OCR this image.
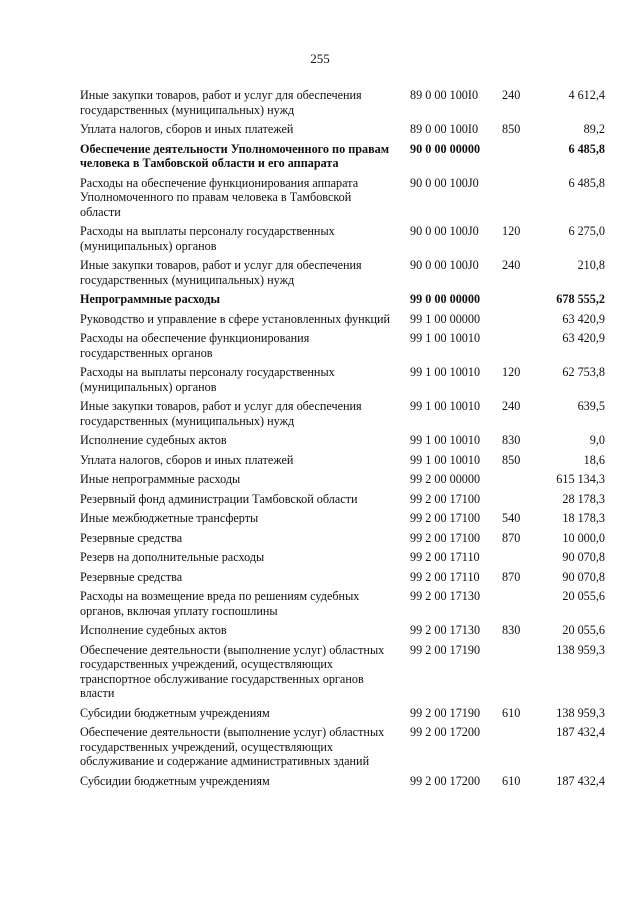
255
Иные закупки товаров, работ и услуг для обеспечения государственных (муниципальных) нужд
89 0 00 100I0	240	4 612,4
Уплата налогов, сборов и иных платежей	89 0 00 100I0	850	89,2
Обеспечение деятельности Уполномоченного по правам человека в Тамбовской области и его аппарата
90 0 00 00000	6 485,8
Расходы на обеспечение функционирования аппарата Уполномоченного по правам человека в Тамбовской области
90 0 00 100J0	6 485,8
Расходы на выплаты персоналу государственных (муниципальных) органов
90 0 00 100J0	120	6 275,0
Иные закупки товаров, работ и услуг для обеспечения государственных (муниципальных) нужд
90 0 00 100J0	240	210,8
Непрограммные расходы	99 0 00 00000	678 555,2
Руководство и управление в сфере установленных функций	99 1 00 00000	63 420,9
Расходы на обеспечение функционирования государственных органов
99 1 00 10010	63 420,9
Расходы на выплаты персоналу государственных (муниципальных) органов
99 1 00 10010	120	62 753,8
Иные закупки товаров, работ и услуг для обеспечения государственных (муниципальных) нужд
99 1 00 10010	240	639,5
Исполнение судебных актов	99 1 00 10010	830	9,0
Уплата налогов, сборов и иных платежей	99 1 00 10010	850	18,6
Иные непрограммные расходы	99 2 00 00000	615 134,3
Резервный фонд администрации Тамбовской области	99 2 00 17100	28 178,3
Иные межбюджетные трансферты	99 2 00 17100	540	18 178,3
Резервные средства	99 2 00 17100	870	10 000,0
Резерв на дополнительные расходы	99 2 00 17110	90 070,8
Резервные средства	99 2 00 17110	870	90 070,8
Расходы на возмещение вреда по решениям судебных органов, включая уплату госпошлины
99 2 00 17130	20 055,6
Исполнение судебных актов	99 2 00 17130	830	20 055,6
Обеспечение деятельности (выполнение услуг) областных государственных учреждений, осуществляющих транспортное обслуживание государственных органов власти
99 2 00 17190	138 959,3
Субсидии бюджетным учреждениям	99 2 00 17190	610	138 959,3
Обеспечение деятельности (выполнение услуг) областных государственных учреждений, осуществляющих обслуживание и содержание административных зданий
99 2 00 17200	187 432,4
Субсидии бюджетным учреждениям	99 2 00 17200	610	187 432,4
